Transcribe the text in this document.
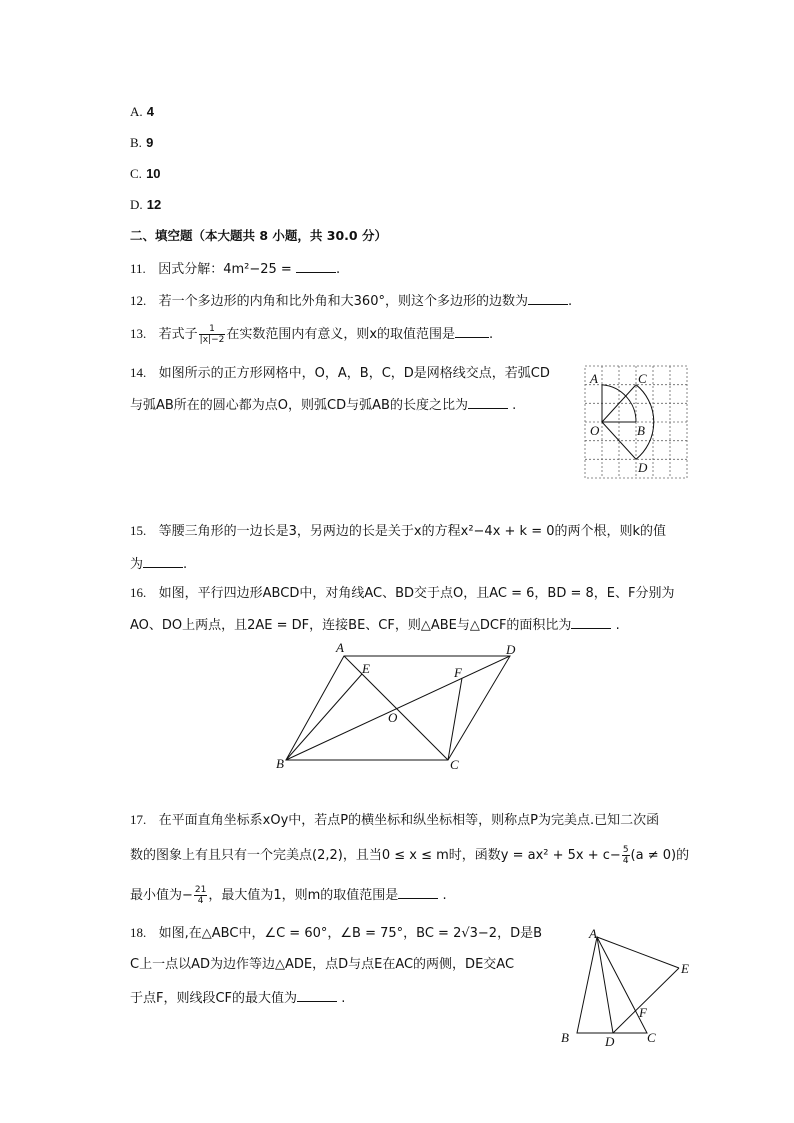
A. 4
B. 9
C. 10
D. 12
二、填空题（本大题共 8 小题，共 30.0 分）
11. 因式分解：4m²−25 =	.
12. 若一个多边形的内角和比外角和大360°，则这个多边形的边数为	.
13. 若式子 $\frac{1}{|x|-2}$ 在实数范围内有意义，则x的取值范围是	.
14. 如图所示的正方形网格中，O，A，B，C，D是网格线交点，若弧CD
与弧AB所在的圆心都为点O，则弧CD与弧AB的长度之比为	.
A	C
O	B
D
15. 等腰三角形的一边长是3，另两边的长是关于x的方程x²−4x + k = 0的两个根，则k的值
为	.
16. 如图，平行四边形ABCD中，对角线AC、BD交于点O，且AC = 6，BD = 8，E、F分别为
AO、DO上两点，且2AE = DF，连接BE、CF，则△ABE与△DCF的面积比为	.
A	D
E	F
O
B	C
17. 在平面直角坐标系xOy中，若点P的横坐标和纵坐标相等，则称点P为完美点.已知二次函
数的图象上有且只有一个完美点(2,2)，且当0 ≤ x ≤ m时，函数$y = ax^2 + 5x + c- \frac{5}{4} (a \ne 0)$的
最小值为− $\frac{21}{4}$ ，最大值为1，则m的取值范围是	.
18. 如图,在△ABC中，∠C = 60°，∠B = 75°，BC = 2√3−2，D是B
C上一点以AD为边作等边△ADE，点D与点E在AC的两侧，DE交AC
于点F，则线段CF的最大值为	.
A
E
F
B	D	C
